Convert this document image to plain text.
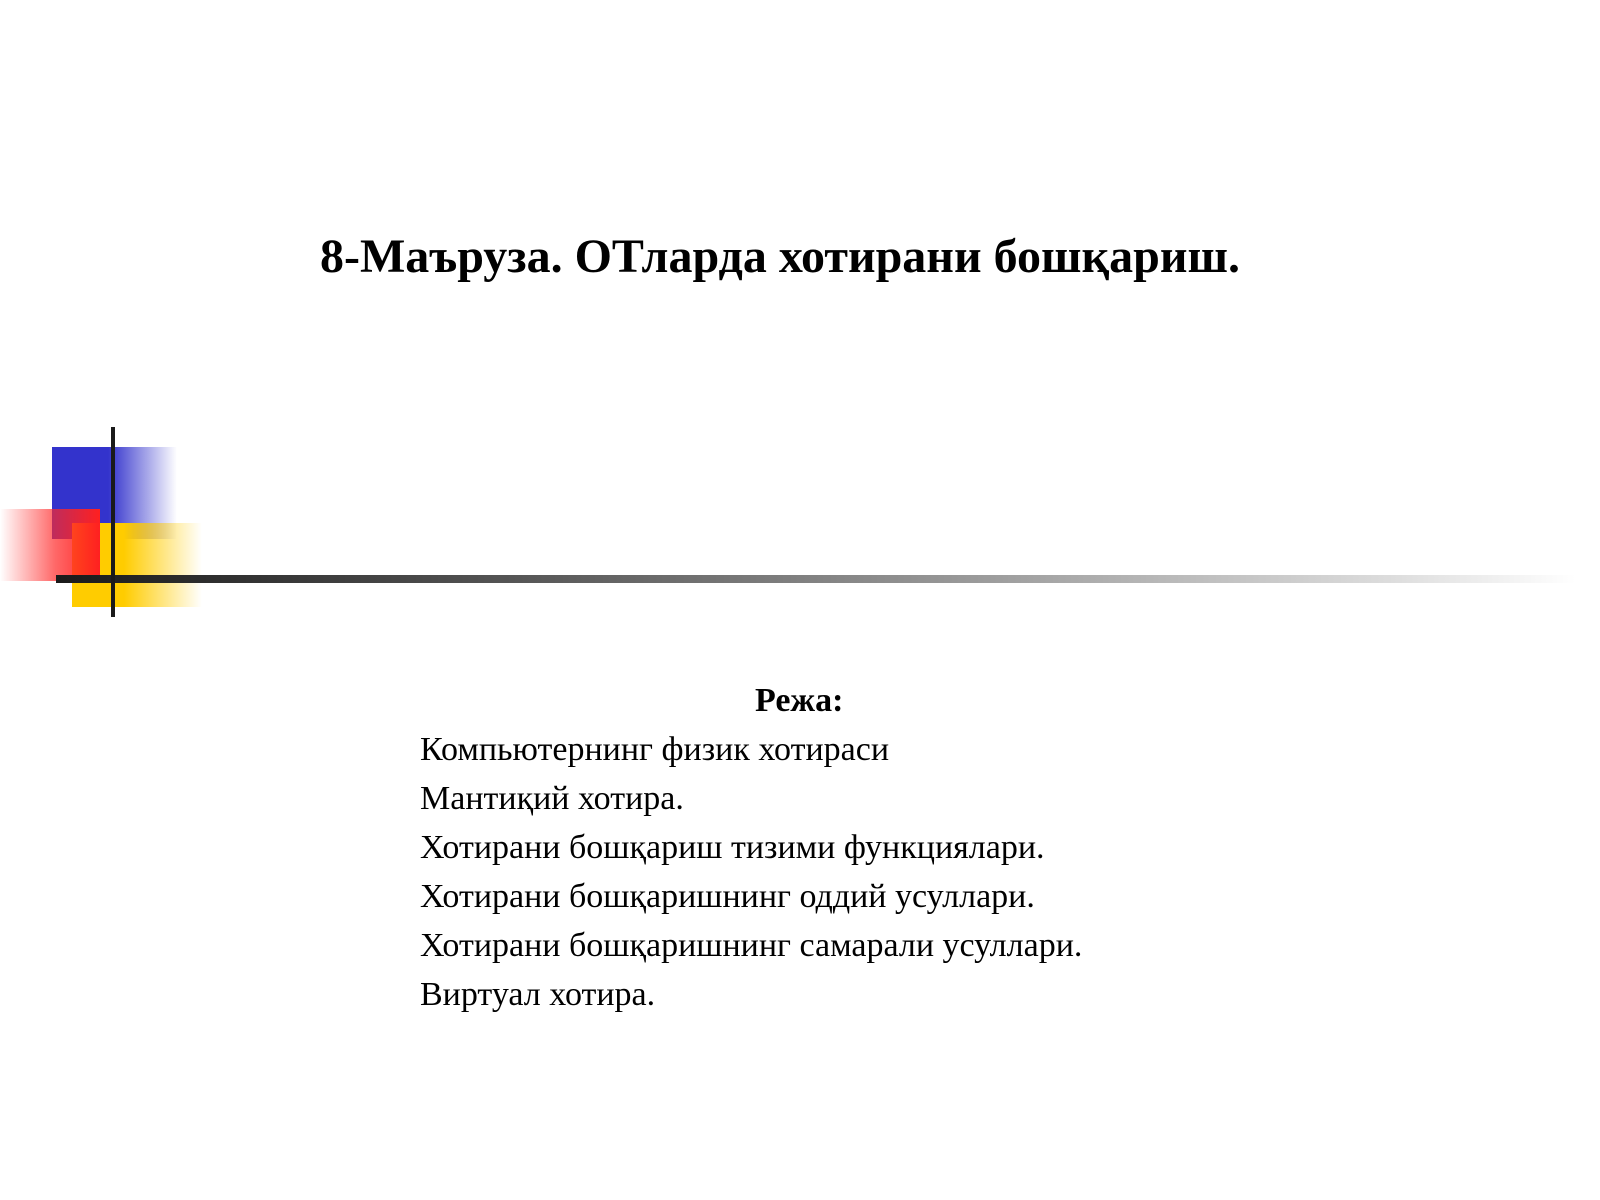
8-Маъруза. ОТларда хотирани бошқариш.
Режа:
Компьютернинг физик хотираси
Мантиқий хотира.
Хотирани бошқариш тизими функциялари.
Хотирани бошқаришнинг оддий усуллари.
Хотирани бошқаришнинг самарали усуллари.
Виртуал хотира.
